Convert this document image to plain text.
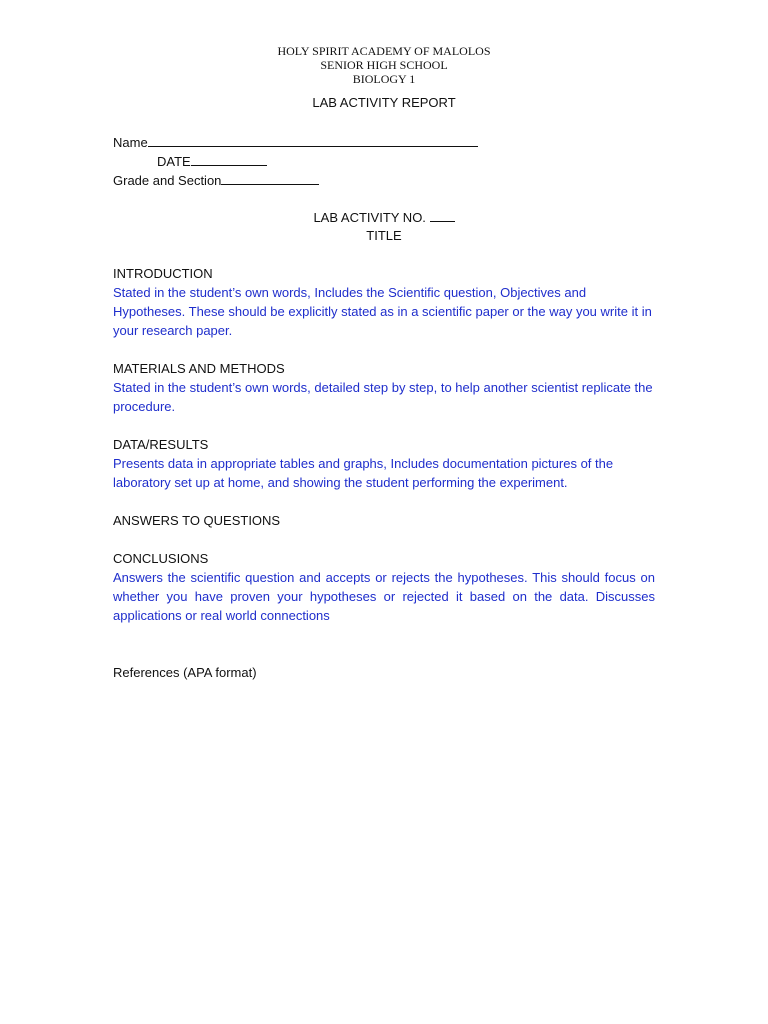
HOLY SPIRIT ACADEMY OF MALOLOS
SENIOR HIGH SCHOOL
BIOLOGY 1
LAB ACTIVITY REPORT
Name
DATE
Grade and Section
LAB ACTIVITY NO.
TITLE
INTRODUCTION
Stated in the student’s own words, Includes the Scientific question, Objectives and Hypotheses. These should be explicitly stated as in a scientific paper or the way you write it in your research paper.
MATERIALS AND METHODS
Stated in the student’s own words, detailed step by step, to help another scientist replicate the procedure.
DATA/RESULTS
Presents data in appropriate tables and graphs, Includes documentation pictures of the laboratory set up at home, and showing the student performing the experiment.
ANSWERS TO QUESTIONS
CONCLUSIONS
Answers the scientific question and accepts or rejects the hypotheses. This should focus on whether you have proven your hypotheses or rejected it based on the data. Discusses applications or real world connections
References (APA format)
